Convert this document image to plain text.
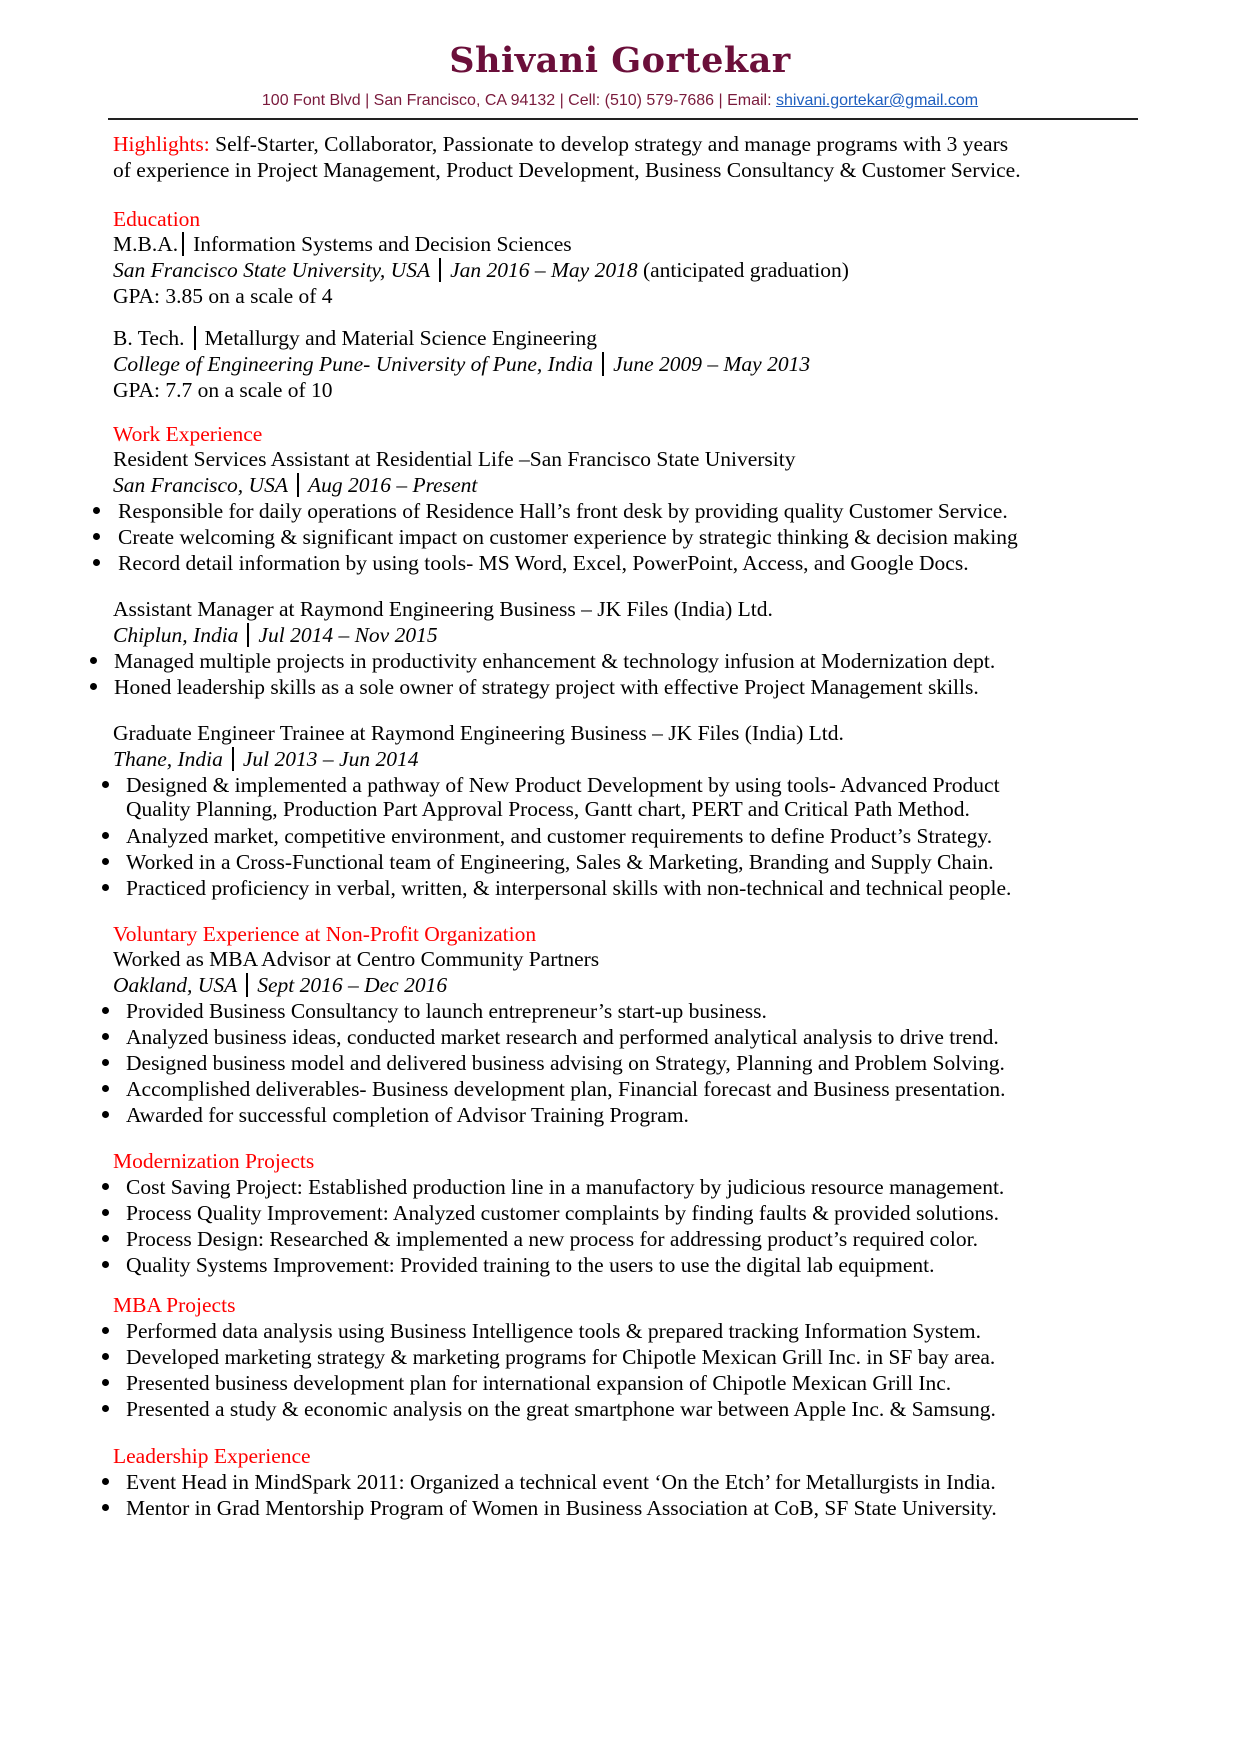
Shivani Gortekar
100 Font Blvd | San Francisco, CA 94132 | Cell: (510) 579-7686 | Email: shivani.gortekar@gmail.com
Highlights: Self-Starter, Collaborator, Passionate to develop strategy and manage programs with 3 years
of experience in Project Management, Product Development, Business Consultancy & Customer Service.
Education
M.B.A. Information Systems and Decision Sciences
San Francisco State University, USA Jan 2016 – May 2018 (anticipated graduation)
GPA: 3.85 on a scale of 4
B. Tech. Metallurgy and Material Science Engineering
College of Engineering Pune- University of Pune, India June 2009 – May 2013
GPA: 7.7 on a scale of 10
Work Experience
Resident Services Assistant at Residential Life –San Francisco State University
San Francisco, USA Aug 2016 – Present
Responsible for daily operations of Residence Hall’s front desk by providing quality Customer Service.
Create welcoming & significant impact on customer experience by strategic thinking & decision making
Record detail information by using tools- MS Word, Excel, PowerPoint, Access, and Google Docs.
Assistant Manager at Raymond Engineering Business – JK Files (India) Ltd.
Chiplun, India Jul 2014 – Nov 2015
Managed multiple projects in productivity enhancement & technology infusion at Modernization dept.
Honed leadership skills as a sole owner of strategy project with effective Project Management skills.
Graduate Engineer Trainee at Raymond Engineering Business – JK Files (India) Ltd.
Thane, India Jul 2013 – Jun 2014
Designed & implemented a pathway of New Product Development by using tools- Advanced Product
Quality Planning, Production Part Approval Process, Gantt chart, PERT and Critical Path Method.
Analyzed market, competitive environment, and customer requirements to define Product’s Strategy.
Worked in a Cross-Functional team of Engineering, Sales & Marketing, Branding and Supply Chain.
Practiced proficiency in verbal, written, & interpersonal skills with non-technical and technical people.
Voluntary Experience at Non-Profit Organization
Worked as MBA Advisor at Centro Community Partners
Oakland, USA Sept 2016 – Dec 2016
Provided Business Consultancy to launch entrepreneur’s start-up business.
Analyzed business ideas, conducted market research and performed analytical analysis to drive trend.
Designed business model and delivered business advising on Strategy, Planning and Problem Solving.
Accomplished deliverables- Business development plan, Financial forecast and Business presentation.
Awarded for successful completion of Advisor Training Program.
Modernization Projects
Cost Saving Project: Established production line in a manufactory by judicious resource management.
Process Quality Improvement: Analyzed customer complaints by finding faults & provided solutions.
Process Design: Researched & implemented a new process for addressing product’s required color.
Quality Systems Improvement: Provided training to the users to use the digital lab equipment.
MBA Projects
Performed data analysis using Business Intelligence tools & prepared tracking Information System.
Developed marketing strategy & marketing programs for Chipotle Mexican Grill Inc. in SF bay area.
Presented business development plan for international expansion of Chipotle Mexican Grill Inc.
Presented a study & economic analysis on the great smartphone war between Apple Inc. & Samsung.
Leadership Experience
Event Head in MindSpark 2011: Organized a technical event ‘On the Etch’ for Metallurgists in India.
Mentor in Grad Mentorship Program of Women in Business Association at CoB, SF State University.
